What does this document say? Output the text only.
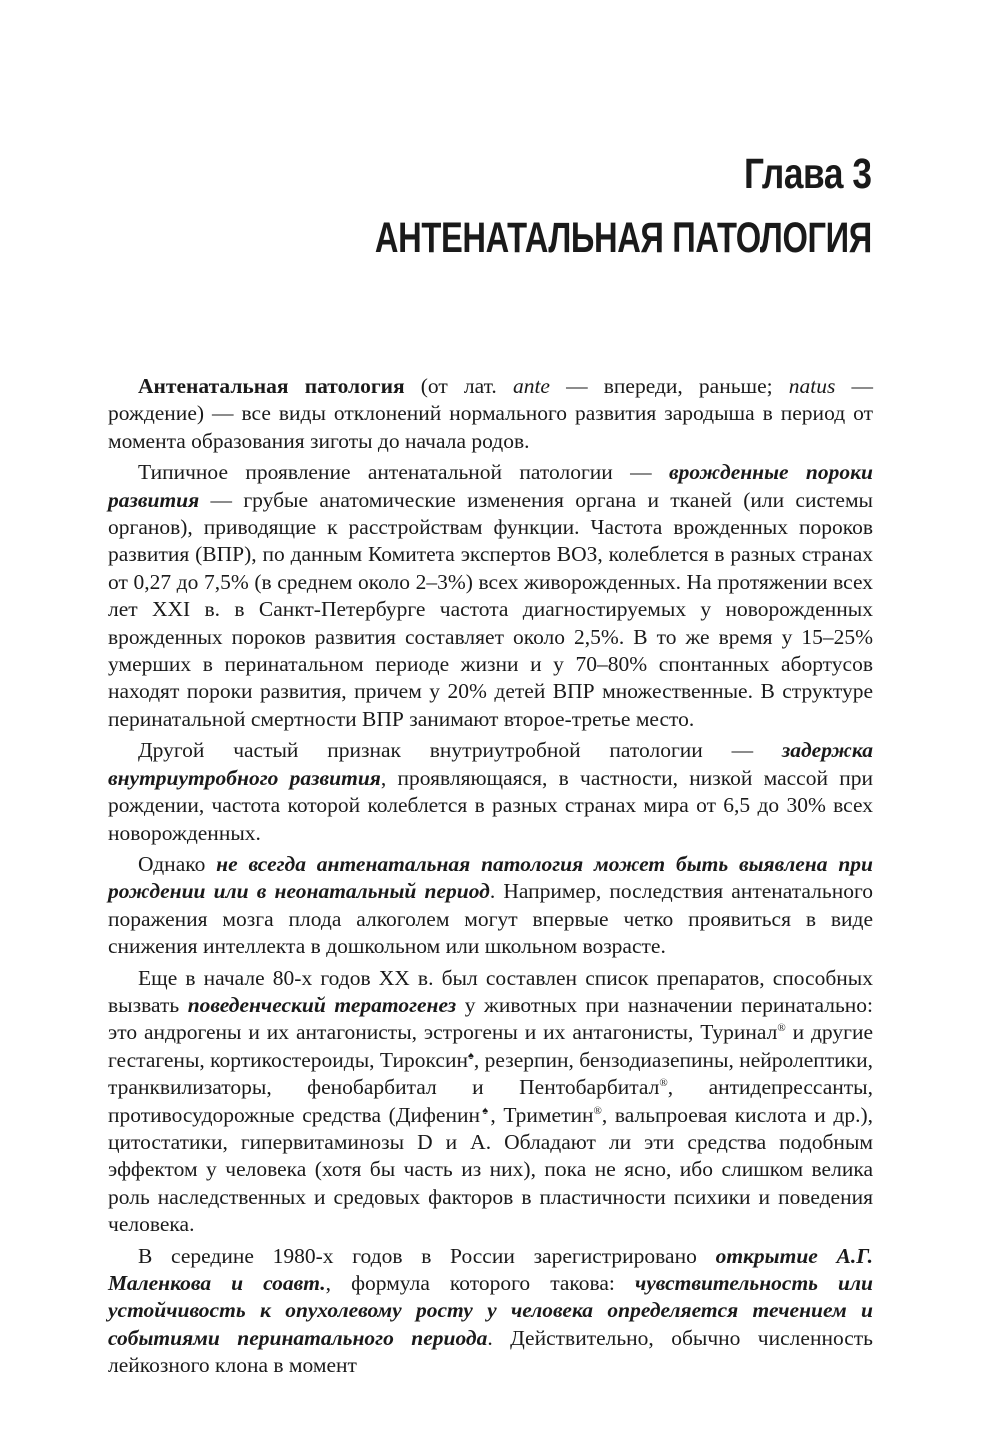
Глава 3
АНТЕНАТАЛЬНАЯ ПАТОЛОГИЯ

Антенатальная патология (от лат. ante — впереди, раньше; natus — рождение) — все виды отклонений нормального развития зародыша в период от момента образования зиготы до начала родов.

Типичное проявление антенатальной патологии — врожденные пороки развития — грубые анатомические изменения органа и тканей (или системы органов), приводящие к расстройствам функции. Частота врожденных пороков развития (ВПР), по данным Комитета экспертов ВОЗ, колеблется в разных странах от 0,27 до 7,5% (в среднем около 2–3%) всех живорожденных. На протяжении всех лет XXI в. в Санкт-Петербурге частота диагностируемых у новорожденных врожденных пороков развития составляет около 2,5%. В то же время у 15–25% умерших в перинатальном периоде жизни и у 70–80% спонтанных абортусов находят пороки развития, причем у 20% детей ВПР множественные. В структуре перинатальной смертности ВПР занимают второе-третье место.

Другой частый признак внутриутробной патологии — задержка внутриутробного развития, проявляющаяся, в частности, низкой массой при рождении, частота которой колеблется в разных странах мира от 6,5 до 30% всех новорожденных.

Однако не всегда антенатальная патология может быть выявлена при рождении или в неонатальный период. Например, последствия антенатального поражения мозга плода алкоголем могут впервые четко проявиться в виде снижения интеллекта в дошкольном или школьном возрасте.

Еще в начале 80-х годов XX в. был составлен список препаратов, способных вызвать поведенческий тератогенез у животных при назначении перинатально: это андрогены и их антагонисты, эстрогены и их антагонисты, Туринал® и другие гестагены, кортикостероиды, Тироксин♠, резерпин, бензодиазепины, нейролептики, транквилизаторы, фенобарбитал и Пентобарбитал®, антидепрессанты, противосудорожные средства (Дифенин♠, Триметин®, вальпроевая кислота и др.), цитостатики, гипервитаминозы D и A. Обладают ли эти средства подобным эффектом у человека (хотя бы часть из них), пока не ясно, ибо слишком велика роль наследственных и средовых факторов в пластичности психики и поведения человека.

В середине 1980-х годов в России зарегистрировано открытие А.Г. Маленкова и соавт., формула которого такова: чувствительность или устойчивость к опухолевому росту у человека определяется течением и событиями перинатального периода. Действительно, обычно численность лейкозного клона в момент
